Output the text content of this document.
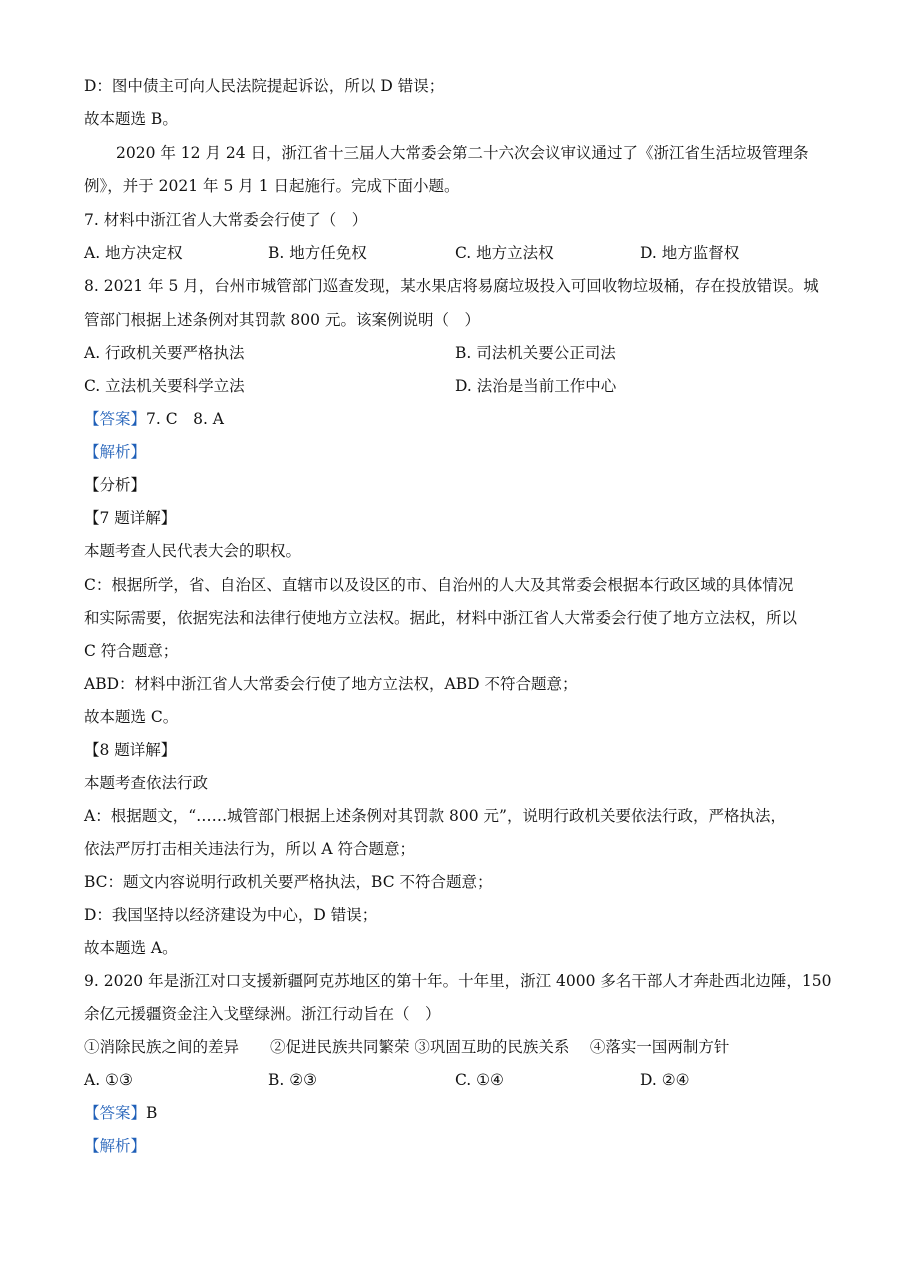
D：图中债主可向人民法院提起诉讼，所以 D 错误；
故本题选 B。
2020 年 12 月 24 日，浙江省十三届人大常委会第二十六次会议审议通过了《浙江省生活垃圾管理条
例》，并于 2021 年 5 月 1 日起施行。完成下面小题。
7. 材料中浙江省人大常委会行使了（　）
A. 地方决定权	B. 地方任免权	C. 地方立法权	D. 地方监督权
8. 2021 年 5 月，台州市城管部门巡查发现，某水果店将易腐垃圾投入可回收物垃圾桶，存在投放错误。城
管部门根据上述条例对其罚款 800 元。该案例说明（　）
A. 行政机关要严格执法	B. 司法机关要公正司法
C. 立法机关要科学立法	D. 法治是当前工作中心
【答案】7. C　8. A
【解析】
【分析】
【7 题详解】
本题考查人民代表大会的职权。
C：根据所学，省、自治区、直辖市以及设区的市、自治州的人大及其常委会根据本行政区域的具体情况
和实际需要，依据宪法和法律行使地方立法权。据此，材料中浙江省人大常委会行使了地方立法权，所以
C 符合题意；
ABD：材料中浙江省人大常委会行使了地方立法权，ABD 不符合题意；
故本题选 C。
【8 题详解】
本题考查依法行政
A：根据题文，“……城管部门根据上述条例对其罚款 800 元”，说明行政机关要依法行政，严格执法，
依法严厉打击相关违法行为，所以 A 符合题意；
BC：题文内容说明行政机关要严格执法，BC 不符合题意；
D：我国坚持以经济建设为中心，D 错误；
故本题选 A。
9. 2020 年是浙江对口支援新疆阿克苏地区的第十年。十年里，浙江 4000 多名干部人才奔赴西北边陲，150
余亿元援疆资金注入戈壁绿洲。浙江行动旨在（　）
①消除民族之间的差异　　②促进民族共同繁荣 ③巩固互助的民族关系　 ④落实一国两制方针
A. ①③	B. ②③	C. ①④	D. ②④
【答案】B
【解析】
